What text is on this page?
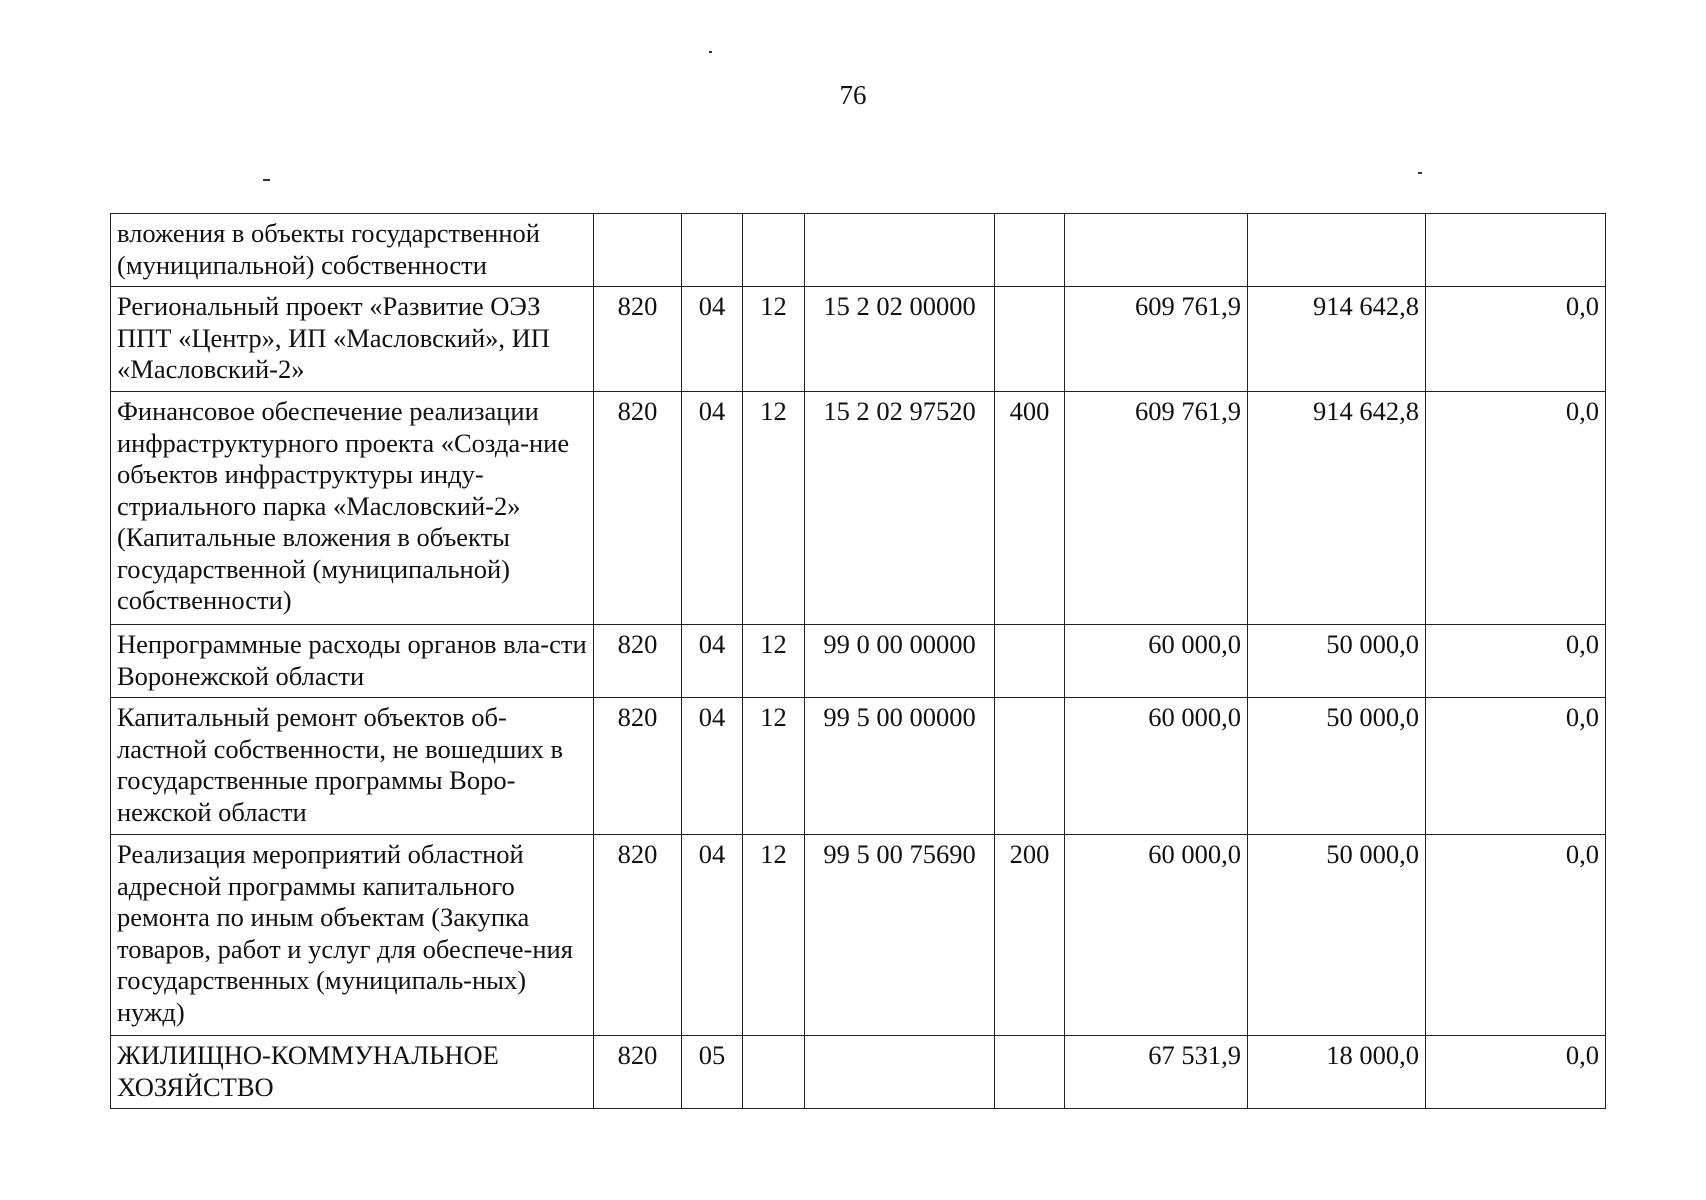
76
вложения в объекты государственной (муниципальной) собственности								
Региональный проект «Развитие ОЭЗ ППТ «Центр», ИП «Масловский», ИП «Масловский-2»	820	04	12	15 2 02 00000		609 761,9	914 642,8	0,0
Финансовое обеспечение реализации инфраструктурного проекта «Созда-ние объектов инфраструктуры инду-стриального парка «Масловский-2» (Капитальные вложения в объекты государственной (муниципальной) собственности)	820	04	12	15 2 02 97520	400	609 761,9	914 642,8	0,0
Непрограммные расходы органов вла-сти Воронежской области	820	04	12	99 0 00 00000		60 000,0	50 000,0	0,0
Капитальный ремонт объектов об-ластной собственности, не вошедших в государственные программы Воро-нежской области	820	04	12	99 5 00 00000		60 000,0	50 000,0	0,0
Реализация мероприятий областной адресной программы капитального ремонта по иным объектам (Закупка товаров, работ и услуг для обеспече-ния государственных (муниципаль-ных) нужд)	820	04	12	99 5 00 75690	200	60 000,0	50 000,0	0,0
ЖИЛИЩНО-КОММУНАЛЬНОЕ ХОЗЯЙСТВО	820	05				67 531,9	18 000,0	0,0
